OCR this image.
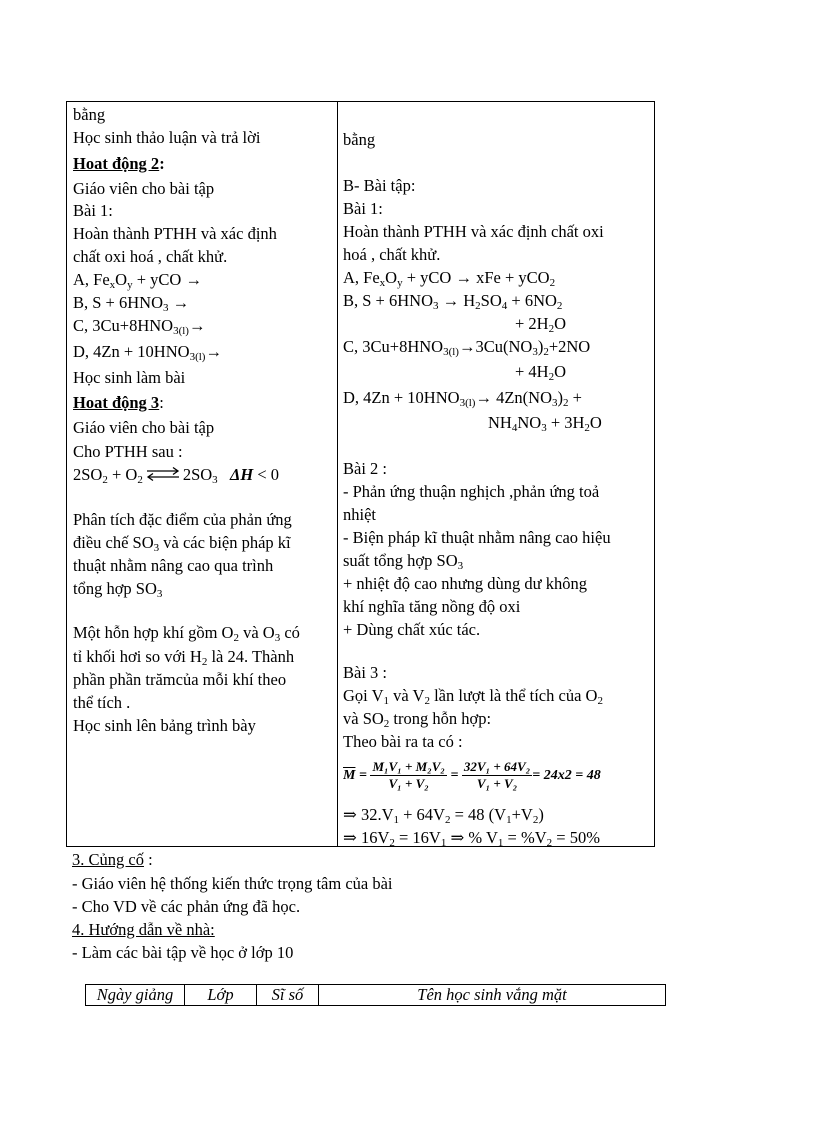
bằng
Học sinh thảo luận và trả lời
Hoat động 2:
Giáo viên cho bài tập
Bài 1:
Hoàn thành PTHH và xác định
chất oxi hoá , chất khử.
A, $Fe_xO_y$ + yCO →
B, $S + 6HNO_3$ →
C, $3Cu+8HNO_{3(l)}\to$
D, $4Zn + 10HNO_{3(l)}\to$
Học sinh làm bài
Hoat động 3:
Giáo viên cho bài tập
Cho PTHH sau :
$2SO_2 + O_2$ ⇌ $2SO_3$ ΔH < 0
Phân tích đặc điểm của phản ứng
điều chế $SO_3$ và các biện pháp kĩ
thuật nhằm nâng cao qua trình
tổng hợp $SO_3$
Một hỗn hợp khí gồm $O_2$ và $O_3$ có
tỉ khối hơi so với $H_2$ là 24. Thành
phần phần trămcủa mỗi khí theo
thể tích .
Học sinh lên bảng trình bày
bằng
B- Bài tập:
Bài 1:
Hoàn thành PTHH và xác định chất oxi
hoá , chất khử.
A, $Fe_xO_y$ + yCO → xFe + yCO$_2$
B, $S + 6HNO_3 \to H_2SO_4 + 6NO_2$
+ $2H_2O$
C, $3Cu+8HNO_{3(l)}\to 3Cu(NO_3)_2+2NO$
+ $4H_2O$
D, $4Zn + 10HNO_{3(l)}\to 4Zn(NO_3)_2$ +
$NH_4NO_3 + 3H_2O$
Bài 2 :
- Phản ứng thuận nghịch ,phản ứng toả
nhiệt
- Biện pháp kĩ thuật nhằm nâng cao hiệu
suất tổng hợp $SO_3$
+ nhiệt độ cao nhưng dùng dư không
khí nghĩa tăng nồng độ oxi
+ Dùng chất xúc tác.
Bài 3 :
Gọi $V_1$ và $V_2$ lần lượt là thể tích của $O_2$
và $SO_2$ trong hỗn hợp:
Theo bài ra ta có :
$\overline{M} = \frac{\text{M₁V₁ + M₂V₂}}{\text{V₁ + V₂}} = \frac{\text{32V₁ + 64V₂}}{\text{V₁ + V₂}} = 24x2 = 48$
⇒ $32.V_1 + 64V_2 = 48$ $(V_1+V_2)$
⇒ $16V_2 = 16V_1$ ⇒ % $V_1 = \%V_2 = 50\%$
3. Củng cố :
- Giáo viên hệ thống kiến thức trọng tâm của bài
- Cho VD về các phản ứng đã học.
4. Hướng dẫn về nhà:
- Làm các bài tập về học ở lớp 10
Ngày giảng	Lớp	Sĩ số	Tên học sinh vắng mặt
